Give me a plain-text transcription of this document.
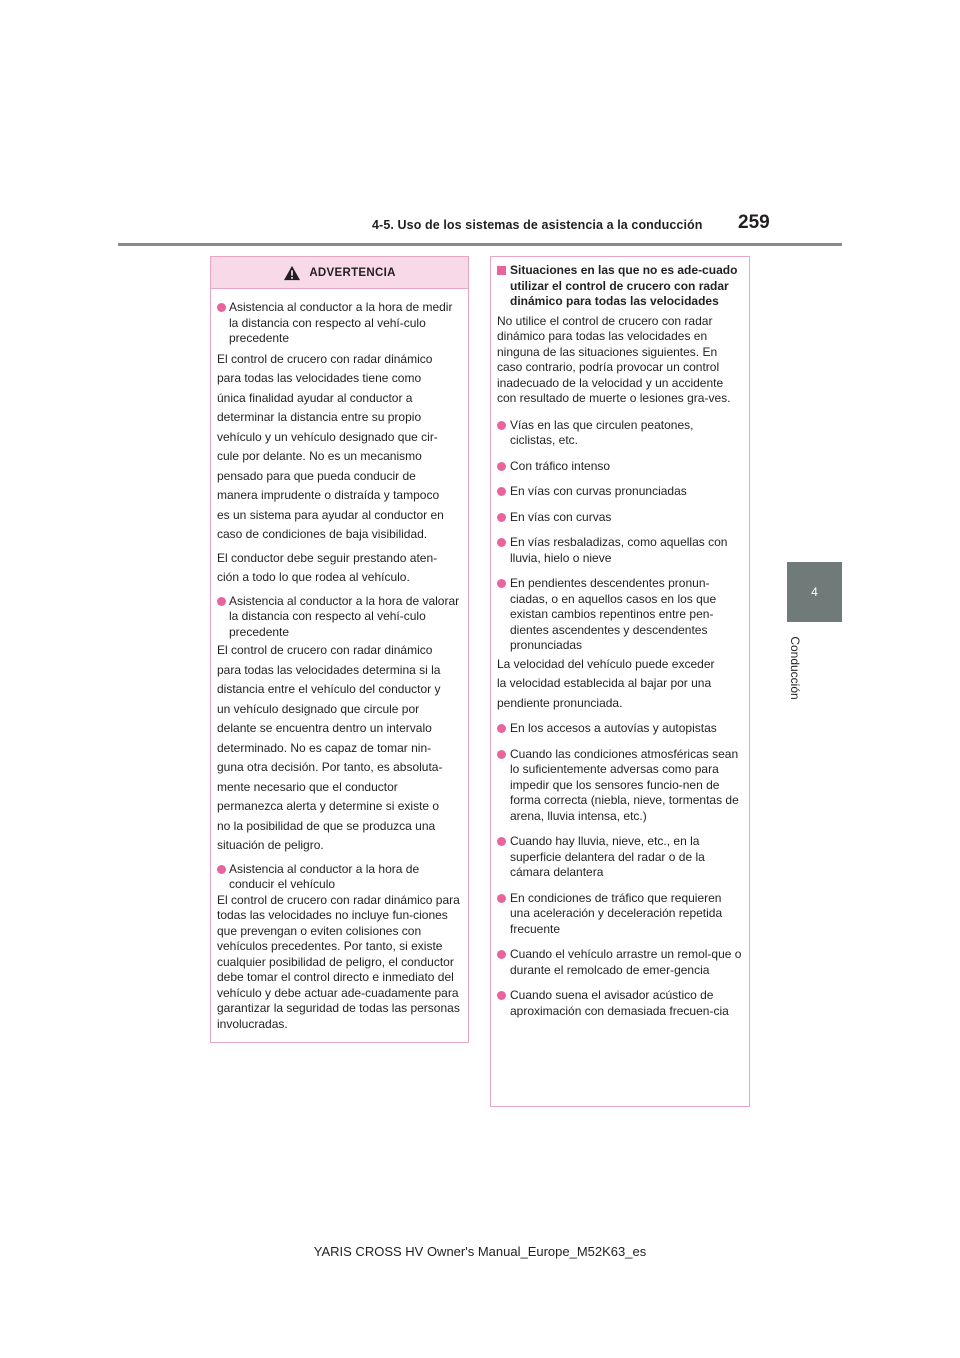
4-5. Uso de los sistemas de asistencia a la conducción 259
4
Conducción
ADVERTENCIA
Asistencia al conductor a la hora de medir la distancia con respecto al vehí-culo precedente
El control de crucero con radar dinámico
para todas las velocidades tiene como
única finalidad ayudar al conductor a
determinar la distancia entre su propio
vehículo y un vehículo designado que cir-
cule por delante. No es un mecanismo
pensado para que pueda conducir de
manera imprudente o distraída y tampoco
es un sistema para ayudar al conductor en
caso de condiciones de baja visibilidad.
El conductor debe seguir prestando aten-
ción a todo lo que rodea al vehículo.
Asistencia al conductor a la hora de valorar la distancia con respecto al vehí-culo precedente
El control de crucero con radar dinámico
para todas las velocidades determina si la
distancia entre el vehículo del conductor y
un vehículo designado que circule por
delante se encuentra dentro un intervalo
determinado. No es capaz de tomar nin-
guna otra decisión. Por tanto, es absoluta-
mente necesario que el conductor
permanezca alerta y determine si existe o
no la posibilidad de que se produzca una
situación de peligro.
Asistencia al conductor a la hora de conducir el vehículo

El control de crucero con radar dinámico para todas las velocidades no incluye fun-ciones que prevengan o eviten colisiones con vehículos precedentes. Por tanto, si existe cualquier posibilidad de peligro, el conductor debe tomar el control directo e inmediato del vehículo y debe actuar ade-cuadamente para garantizar la seguridad de todas las personas involucradas.

Situaciones en las que no es ade-cuado utilizar el control de crucero con radar dinámico para todas las velocidades

No utilice el control de crucero con radar dinámico para todas las velocidades en ninguna de las situaciones siguientes. En caso contrario, podría provocar un control inadecuado de la velocidad y un accidente con resultado de muerte o lesiones gra-ves.

Vías en las que circulen peatones, ciclistas, etc.
Con tráfico intenso
En vías con curvas pronunciadas
En vías con curvas
En vías resbaladizas, como aquellas con lluvia, hielo o nieve
En pendientes descendentes pronun-ciadas, o en aquellos casos en los que existan cambios repentinos entre pen-dientes ascendentes y descendentes pronunciadas
La velocidad del vehículo puede exceder
la velocidad establecida al bajar por una
pendiente pronunciada.
En los accesos a autovías y autopistas
Cuando las condiciones atmosféricas sean lo suficientemente adversas como para impedir que los sensores funcio-nen de forma correcta (niebla, nieve, tormentas de arena, lluvia intensa, etc.)
Cuando hay lluvia, nieve, etc., en la superficie delantera del radar o de la cámara delantera
En condiciones de tráfico que requieren una aceleración y deceleración repetida frecuente
Cuando el vehículo arrastre un remol-que o durante el remolcado de emer-gencia
Cuando suena el avisador acústico de aproximación con demasiada frecuen-cia
YARIS CROSS HV Owner's Manual_Europe_M52K63_es
